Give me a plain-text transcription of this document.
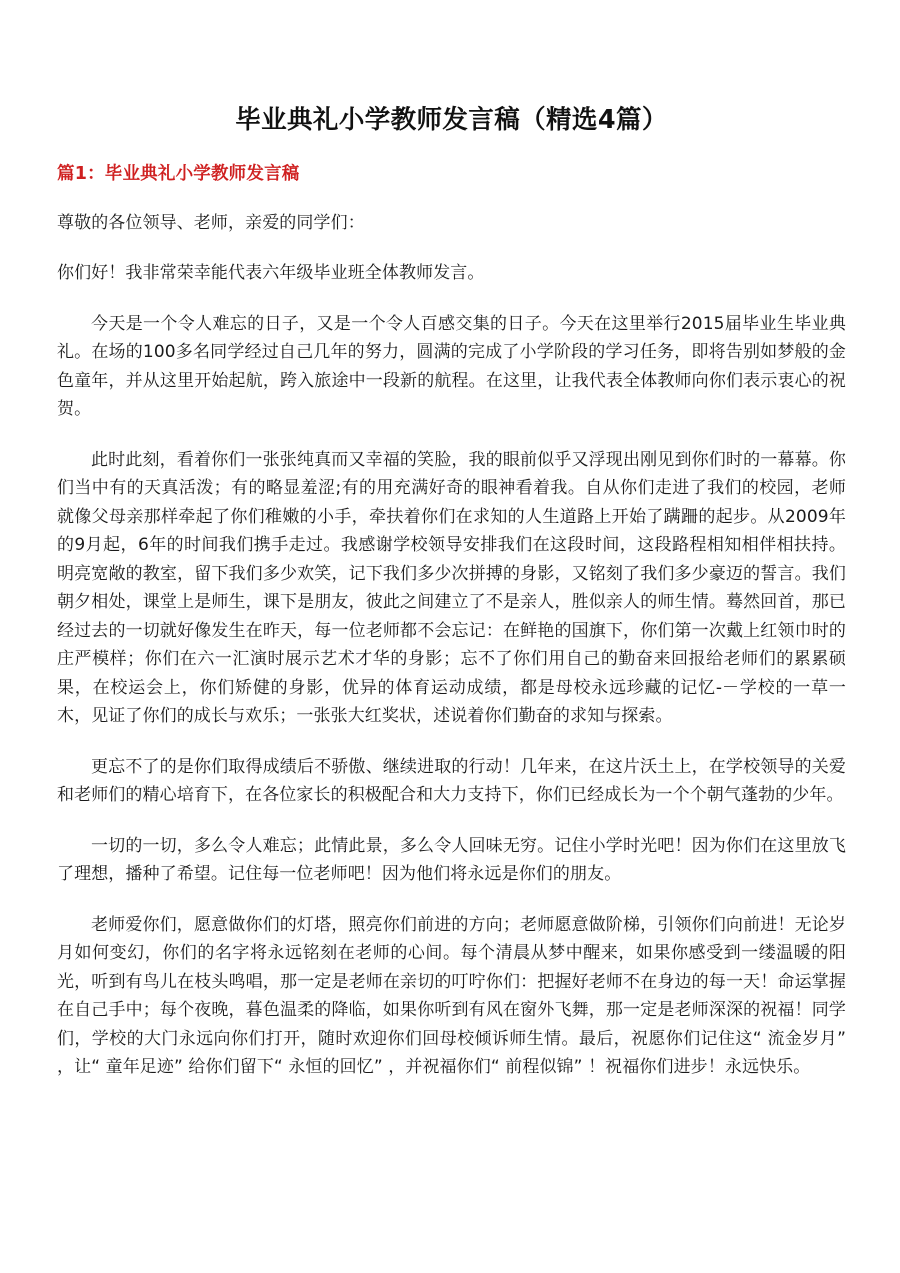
毕业典礼小学教师发言稿（精选4篇）
篇1：毕业典礼小学教师发言稿

尊敬的各位领导、老师，亲爱的同学们：

你们好！我非常荣幸能代表六年级毕业班全体教师发言。

今天是一个令人难忘的日子，又是一个令人百感交集的日子。今天在这里举行2015届毕业生毕业典礼。在场的100多名同学经过自己几年的努力，圆满的完成了小学阶段的学习任务，即将告别如梦般的金色童年，并从这里开始起航，跨入旅途中一段新的航程。在这里，让我代表全体教师向你们表示衷心的祝贺。

此时此刻，看着你们一张张纯真而又幸福的笑脸，我的眼前似乎又浮现出刚见到你们时的一幕幕。你们当中有的天真活泼；有的略显羞涩;有的用充满好奇的眼神看着我。自从你们走进了我们的校园，老师就像父母亲那样牵起了你们稚嫩的小手，牵扶着你们在求知的人生道路上开始了蹒跚的起步。从2009年的9月起，6年的时间我们携手走过。我感谢学校领导安排我们在这段时间，这段路程相知相伴相扶持。明亮宽敞的教室，留下我们多少欢笑，记下我们多少次拼搏的身影，又铭刻了我们多少豪迈的誓言。我们朝夕相处，课堂上是师生，课下是朋友，彼此之间建立了不是亲人，胜似亲人的师生情。蓦然回首，那已经过去的一切就好像发生在昨天，每一位老师都不会忘记：在鲜艳的国旗下，你们第一次戴上红领巾时的庄严模样；你们在六一汇演时展示艺术才华的身影；忘不了你们用自己的勤奋来回报给老师们的累累硕果，在校运会上，你们矫健的身影，优异的体育运动成绩，都是母校永远珍藏的记忆-－学校的一草一木，见证了你们的成长与欢乐；一张张大红奖状，述说着你们勤奋的求知与探索。

更忘不了的是你们取得成绩后不骄傲、继续进取的行动！几年来，在这片沃土上，在学校领导的关爱和老师们的精心培育下，在各位家长的积极配合和大力支持下，你们已经成长为一个个朝气蓬勃的少年。

一切的一切，多么令人难忘；此情此景，多么令人回味无穷。记住小学时光吧！因为你们在这里放飞了理想，播种了希望。记住每一位老师吧！因为他们将永远是你们的朋友。

老师爱你们，愿意做你们的灯塔，照亮你们前进的方向；老师愿意做阶梯，引领你们向前进！无论岁月如何变幻，你们的名字将永远铭刻在老师的心间。每个清晨从梦中醒来，如果你感受到一缕温暖的阳光，听到有鸟儿在枝头鸣唱，那一定是老师在亲切的叮咛你们：把握好老师不在身边的每一天！命运掌握在自己手中；每个夜晚，暮色温柔的降临，如果你听到有风在窗外飞舞，那一定是老师深深的祝福！同学们，学校的大门永远向你们打开，随时欢迎你们回母校倾诉师生情。最后，祝愿你们记住这“ 流金岁月” ，让“ 童年足迹” 给你们留下“ 永恒的回忆” ，并祝福你们“ 前程似锦” ！祝福你们进步！永远快乐。
